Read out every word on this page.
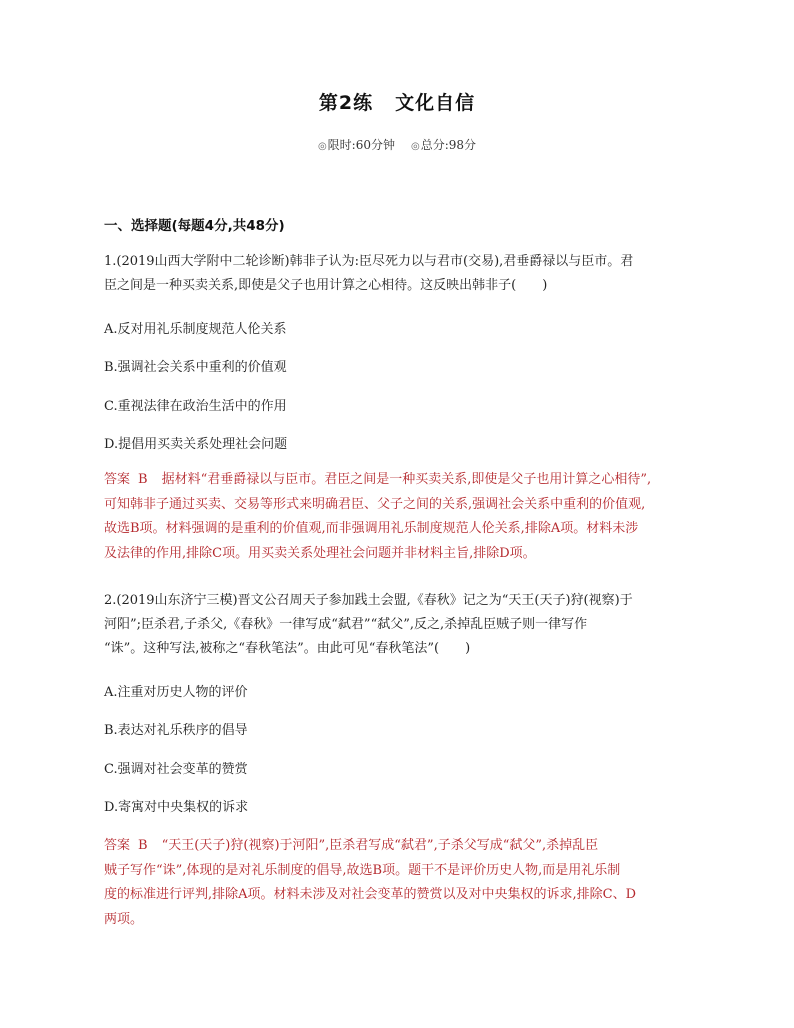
第2练 文化自信
◎限时:60分钟 ◎总分:98分
一、选择题(每题4分,共48分)
1.(2019山西大学附中二轮诊断)韩非子认为:臣尽死力以与君市(交易),君垂爵禄以与臣市。君
臣之间是一种买卖关系,即使是父子也用计算之心相待。这反映出韩非子(　　)
A.反对用礼乐制度规范人伦关系
B.强调社会关系中重利的价值观
C.重视法律在政治生活中的作用
D.提倡用买卖关系处理社会问题
答案 B 据材料“君垂爵禄以与臣市。君臣之间是一种买卖关系,即使是父子也用计算之心相待”,
可知韩非子通过买卖、交易等形式来明确君臣、父子之间的关系,强调社会关系中重利的价值观,
故选B项。材料强调的是重利的价值观,而非强调用礼乐制度规范人伦关系,排除A项。材料未涉
及法律的作用,排除C项。用买卖关系处理社会问题并非材料主旨,排除D项。
2.(2019山东济宁三模)晋文公召周天子参加践土会盟,《春秋》记之为“天王(天子)狩(视察)于
河阳”;臣杀君,子杀父,《春秋》一律写成“弑君”“弑父”,反之,杀掉乱臣贼子则一律写作
“诛”。这种写法,被称之“春秋笔法”。由此可见“春秋笔法”(　　)
A.注重对历史人物的评价
B.表达对礼乐秩序的倡导
C.强调对社会变革的赞赏
D.寄寓对中央集权的诉求
答案 B “天王(天子)狩(视察)于河阳”,臣杀君写成“弑君”,子杀父写成“弑父”,杀掉乱臣
贼子写作“诛”,体现的是对礼乐制度的倡导,故选B项。题干不是评价历史人物,而是用礼乐制
度的标准进行评判,排除A项。材料未涉及对社会变革的赞赏以及对中央集权的诉求,排除C、D
两项。
